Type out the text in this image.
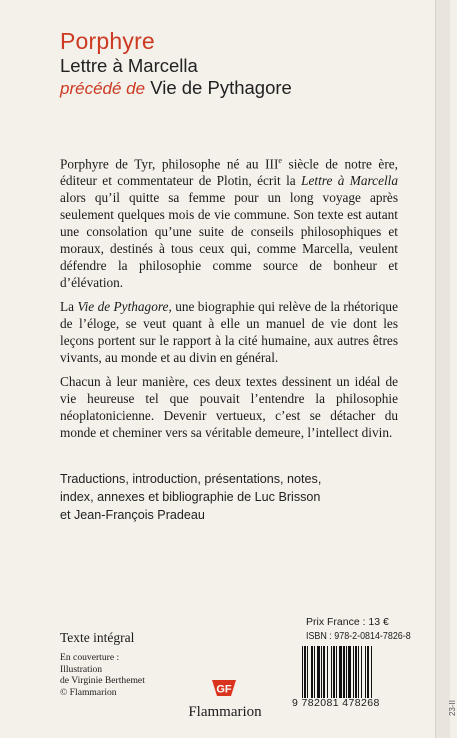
23-II
Porphyre
Lettre à Marcella
précédé de Vie de Pythagore

Porphyre de Tyr, philosophe né au IIIe siècle de notre ère, éditeur et commentateur de Plotin, écrit la Lettre à Marcella alors qu’il quitte sa femme pour un long voyage après seulement quelques mois de vie commune. Son texte est autant une consolation qu’une suite de conseils philosophiques et moraux, destinés à tous ceux qui, comme Marcella, veulent défendre la philosophie comme source de bonheur et d’élévation.

La Vie de Pythagore, une biographie qui relève de la rhétorique de l’éloge, se veut quant à elle un manuel de vie dont les leçons portent sur le rapport à la cité humaine, aux autres êtres vivants, au monde et au divin en général.

Chacun à leur manière, ces deux textes dessinent un idéal de vie heureuse tel que pouvait l’entendre la philosophie néoplatonicienne. Devenir vertueux, c’est se détacher du monde et cheminer vers sa véritable demeure, l’intellect divin.

Traductions, introduction, présentations, notes,
index, annexes et bibliographie de Luc Brisson
et Jean-François Pradeau
Texte intégral
En couverture :
Illustration
de Virginie Berthemet
© Flammarion
Prix France : 13 €
ISBN : 978-2-0814-7826-8
9 782081 478268
GF
Flammarion
